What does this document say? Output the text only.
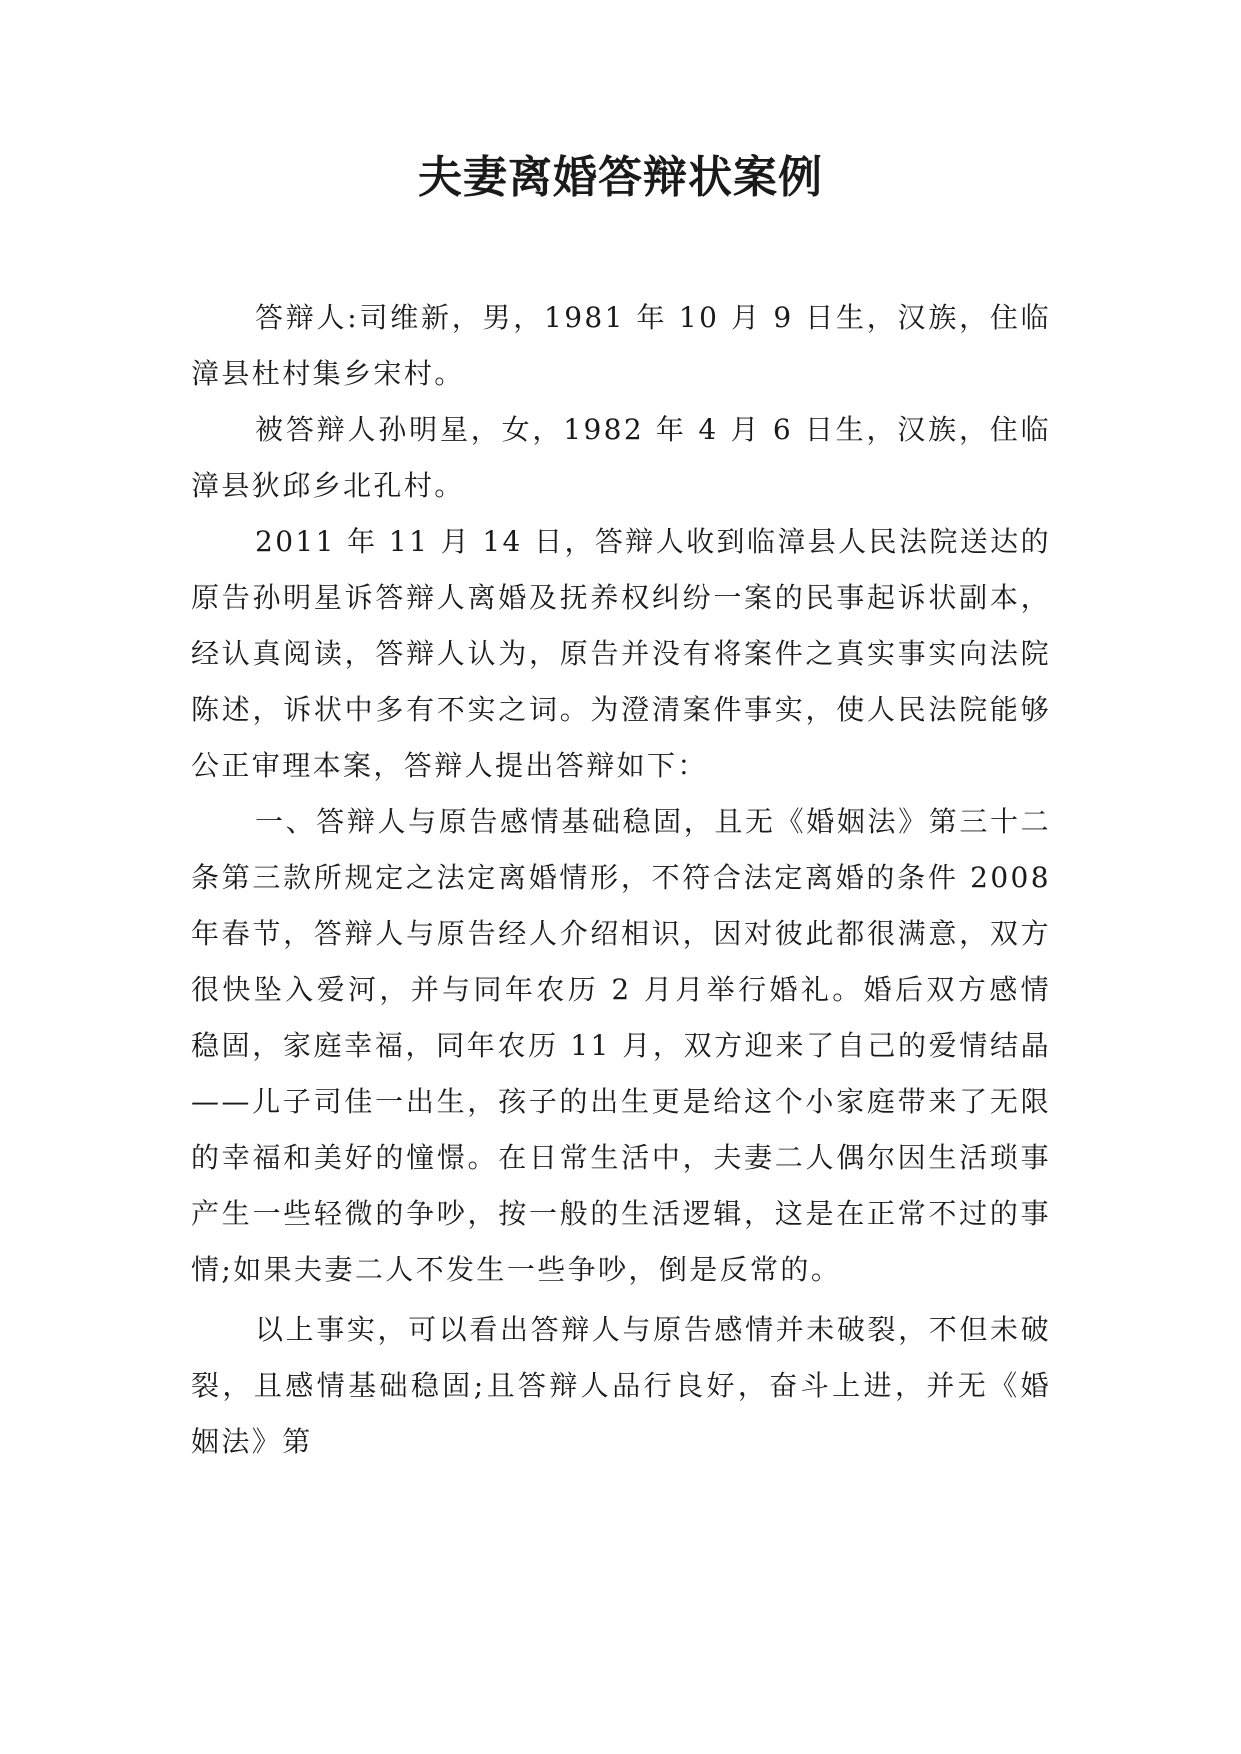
夫妻离婚答辩状案例

答辩人:司维新，男，1981 年 10 月 9 日生，汉族，住临漳县杜村集乡宋村。

被答辩人孙明星，女，1982 年 4 月 6 日生，汉族，住临漳县狄邱乡北孔村。

2011 年 11 月 14 日，答辩人收到临漳县人民法院送达的原告孙明星诉答辩人离婚及抚养权纠纷一案的民事起诉状副本，经认真阅读，答辩人认为，原告并没有将案件之真实事实向法院陈述，诉状中多有不实之词。为澄清案件事实，使人民法院能够公正审理本案，答辩人提出答辩如下：

一、答辩人与原告感情基础稳固，且无《婚姻法》第三十二条第三款所规定之法定离婚情形，不符合法定离婚的条件 2008 年春节，答辩人与原告经人介绍相识，因对彼此都很满意，双方很快坠入爱河，并与同年农历 2 月月举行婚礼。婚后双方感情稳固，家庭幸福，同年农历 11 月，双方迎来了自己的爱情结晶——儿子司佳一出生，孩子的出生更是给这个小家庭带来了无限的幸福和美好的憧憬。在日常生活中，夫妻二人偶尔因生活琐事产生一些轻微的争吵，按一般的生活逻辑，这是在正常不过的事情;如果夫妻二人不发生一些争吵，倒是反常的。

以上事实，可以看出答辩人与原告感情并未破裂，不但未破裂，且感情基础稳固;且答辩人品行良好，奋斗上进，并无《婚姻法》第
